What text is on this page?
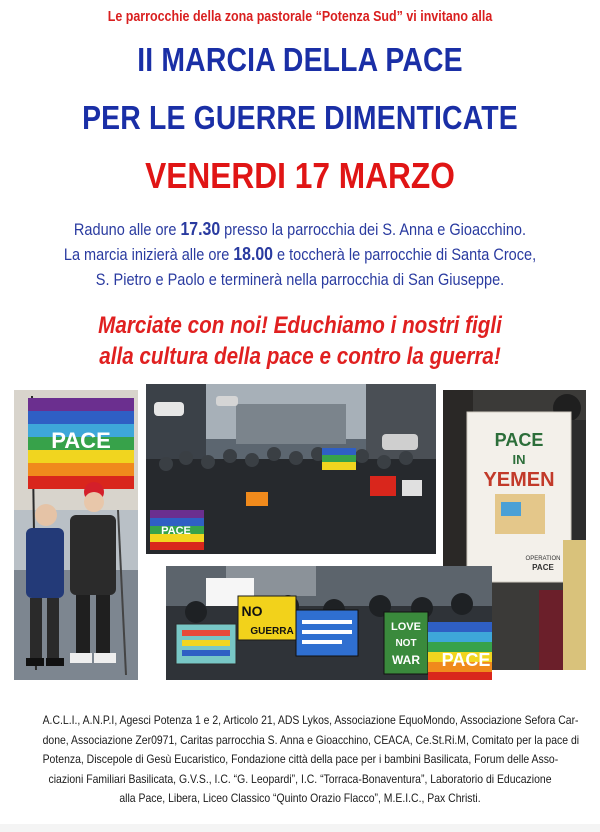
Le parrocchie della zona pastorale “Potenza Sud” vi invitano alla
II MARCIA DELLA PACE
PER LE GUERRE DIMENTICATE
VENERDI 17 MARZO
Raduno alle ore 17.30 presso la parrocchia dei S. Anna e Gioacchino.
La marcia inizierà alle ore 18.00 e toccherà le parrocchie di Santa Croce,
S. Pietro e Paolo e terminerà nella parrocchia di San Giuseppe.
Marciate con noi! Educhiamo i nostri figli
alla cultura della pace e contro la guerra!
PACE
PACE
PACE
IN
YEMEN
OPERATION
PACE
NO
GUERRA	LOVE
NOT
WAR PACE
A.C.L.I., A.N.P.I, Agesci Potenza 1 e 2, Articolo 21, ADS Lykos, Associazione EquoMondo, Associazione Sefora Car-
done, Associazione Zer0971, Caritas parrocchia S. Anna e Gioacchino, CEACA, Ce.St.Ri.M, Comitato per la pace di
Potenza, Discepole di Gesù Eucaristico, Fondazione città della pace per i bambini Basilicata, Forum delle Asso-
ciazioni Familiari Basilicata, G.V.S., I.C. “G. Leopardi”, I.C. “Torraca-Bonaventura”, Laboratorio di Educazione
alla Pace, Libera, Liceo Classico “Quinto Orazio Flacco”, M.E.I.C., Pax Christi.
